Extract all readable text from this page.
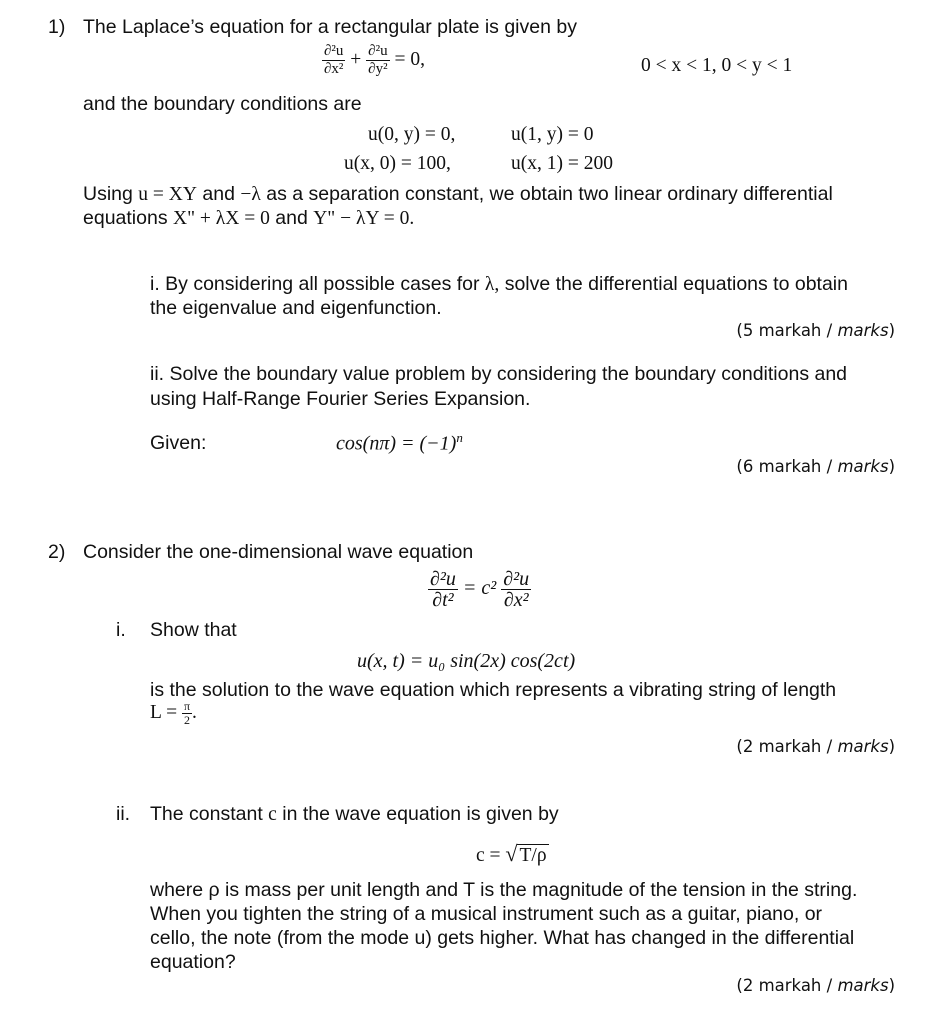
1) The Laplace’s equation for a rectangular plate is given by
$\frac{\text{∂²u}}{\text{∂x²}} + \frac{\text{∂²u}}{\text{∂y²}} = 0$,	0 < x < 1, 0 < y < 1
and the boundary conditions are
u(0, y) = 0,	u(1, y) = 0
u(x, 0) = 100,	u(x, 1) = 200
Using u = XY and −λ as a separation constant, we obtain two linear ordinary differential
equations X" + λX = 0 and Y" − λY = 0.
i. By considering all possible cases for λ, solve the differential equations to obtain
the eigenvalue and eigenfunction.
(5 markah / marks)
ii. Solve the boundary value problem by considering the boundary conditions and
using Half-Range Fourier Series Expansion.
Given:	$\cos(n\pi) = (-1)^n$
(6 markah / marks)
2) Consider the one-dimensional wave equation
$\frac{\text{∂²u}}{\text{∂t²}} = c^2 \frac{\text{∂²u}}{\text{∂x²}}$
i. Show that
u(x, t) = u₀ sin(2x) cos(2ct)
is the solution to the wave equation which represents a vibrating string of length
$L = \frac{\pi}{2}$ .
(2 markah / marks)
ii. The constant c in the wave equation is given by
c = √ T/ρ
where ρ is mass per unit length and T is the magnitude of the tension in the string.
When you tighten the string of a musical instrument such as a guitar, piano, or
cello, the note (from the mode u) gets higher. What has changed in the differential
equation?
(2 markah / marks)
